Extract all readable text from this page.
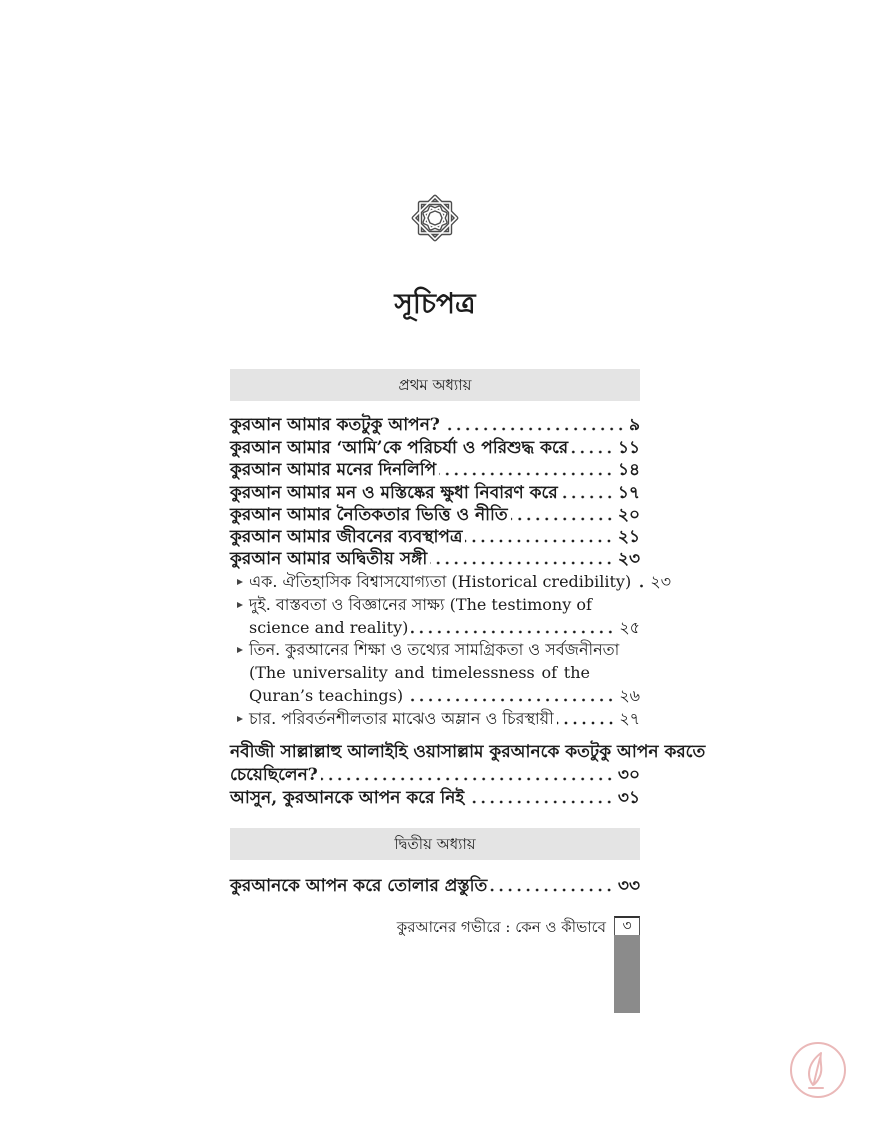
সূচিপত্র
প্রথম অধ্যায়
কুরআন আমার কতটুকু আপন?	৯
কুরআন আমার ‘আমি’কে পরিচর্যা ও পরিশুদ্ধ করে	১১
কুরআন আমার মনের দিনলিপি	১৪
কুরআন আমার মন ও মস্তিষ্কের ক্ষুধা নিবারণ করে	১৭
কুরআন আমার নৈতিকতার ভিত্তি ও নীতি	২০
কুরআন আমার জীবনের ব্যবস্থাপত্র	২১
কুরআন আমার অদ্বিতীয় সঙ্গী	২৩
এক. ঐতিহাসিক বিশ্বাসযোগ্যতা (Historical credibility) ২৩
দুই. বাস্তবতা ও বিজ্ঞানের সাক্ষ্য (The testimony of
science and reality)	২৫
তিন. কুরআনের শিক্ষা ও তথ্যের সামগ্রিকতা ও সর্বজনীনতা
(The universality and timelessness of the
Quran’s teachings)	২৬
চার. পরিবর্তনশীলতার মাঝেও অম্লান ও চিরস্থায়ী	২৭
নবীজী সাল্লাল্লাহু আলাইহি ওয়াসাল্লাম কুরআনকে কতটুকু আপন করতে
চেয়েছিলেন?	৩০
আসুন, কুরআনকে আপন করে নিই	৩১
দ্বিতীয় অধ্যায়
কুরআনকে আপন করে তোলার প্রস্তুতি	৩৩
কুরআনের গভীরে : কেন ও কীভাবে	৩
